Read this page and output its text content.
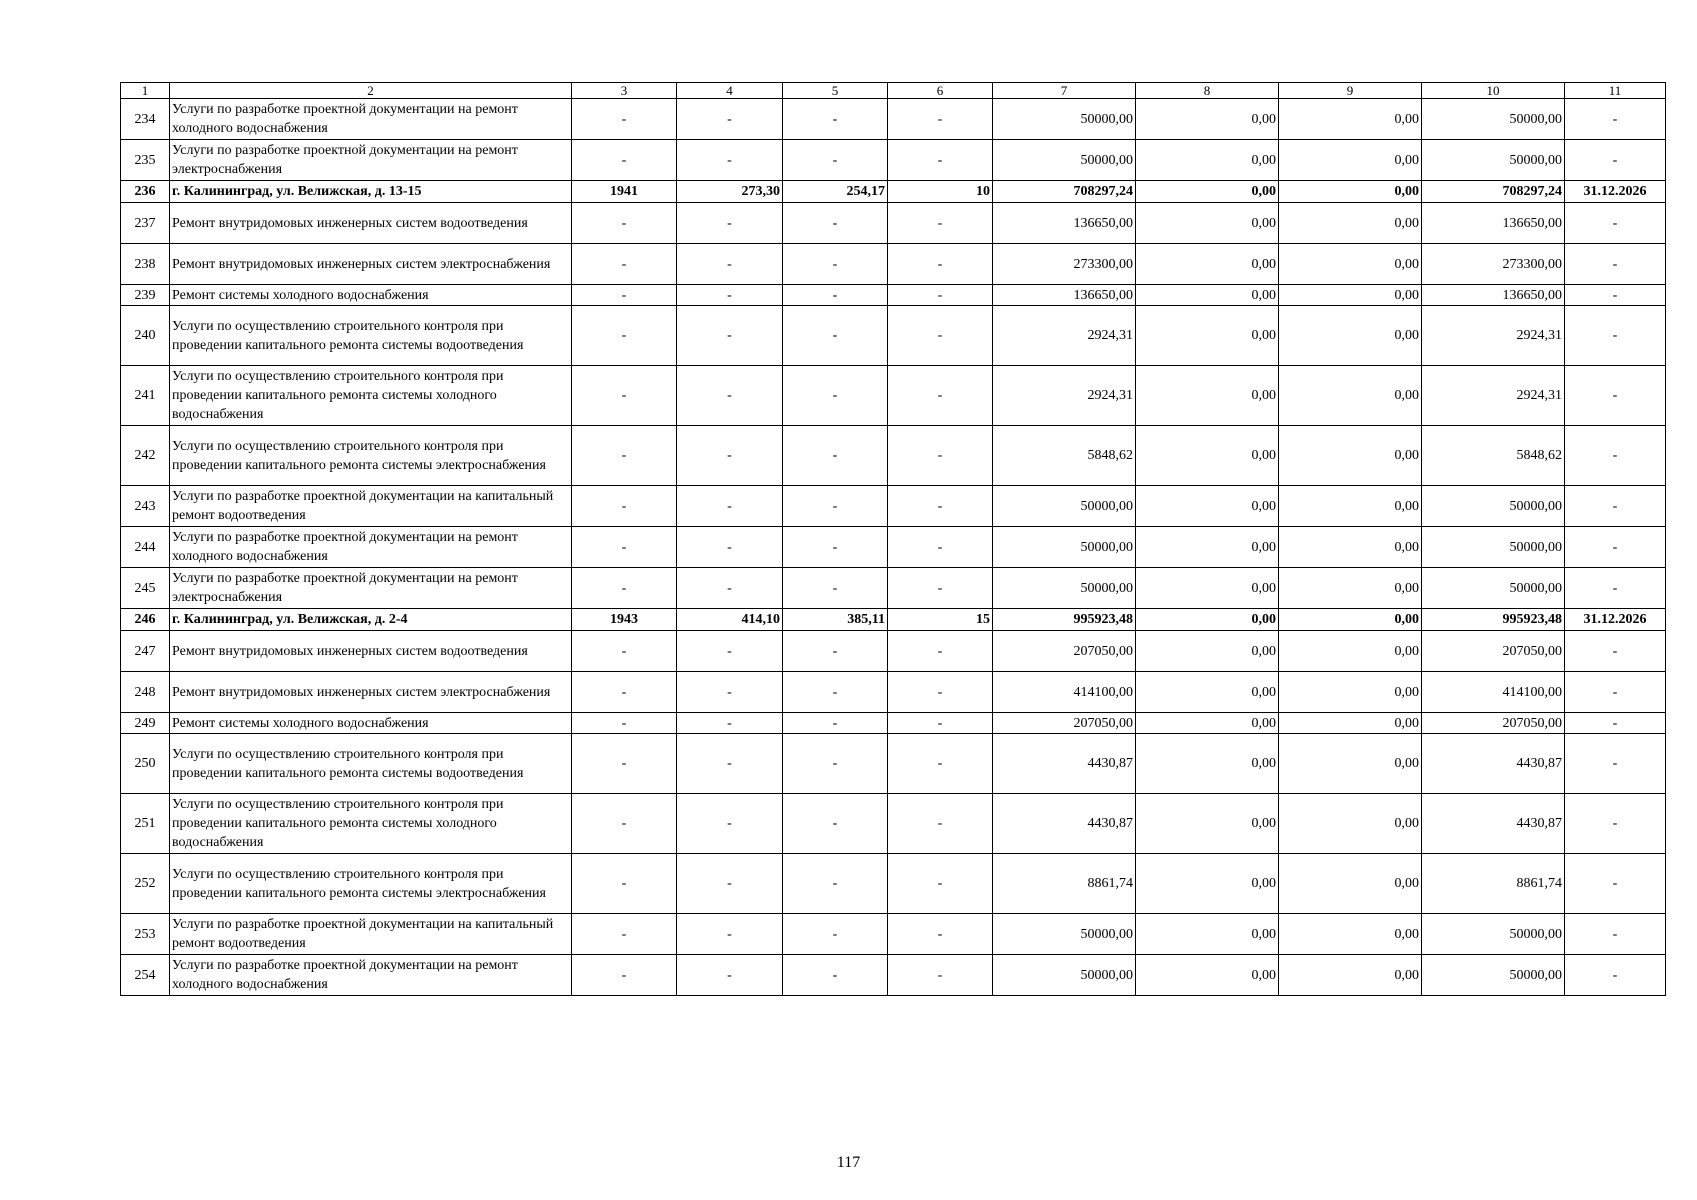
1	2	3	4	5	6	7	8	9	10	11
234	Услуги по разработке проектной документации на ремонт холодного водоснабжения	-	-	-	-	50000,00	0,00	0,00	50000,00	-
235	Услуги по разработке проектной документации на ремонт электроснабжения	-	-	-	-	50000,00	0,00	0,00	50000,00	-
236	г. Калининград, ул. Велижская, д. 13-15	1941	273,30	254,17	10	708297,24	0,00	0,00	708297,24	31.12.2026
237	Ремонт внутридомовых инженерных систем водоотведения	-	-	-	-	136650,00	0,00	0,00	136650,00	-
238	Ремонт внутридомовых инженерных систем электроснабжения	-	-	-	-	273300,00	0,00	0,00	273300,00	-
239	Ремонт системы холодного водоснабжения	-	-	-	-	136650,00	0,00	0,00	136650,00	-
240	Услуги по осуществлению строительного контроля при проведении капитального ремонта системы водоотведения	-	-	-	-	2924,31	0,00	0,00	2924,31	-
241	Услуги по осуществлению строительного контроля при проведении капитального ремонта системы холодного водоснабжения	-	-	-	-	2924,31	0,00	0,00	2924,31	-
242	Услуги по осуществлению строительного контроля при проведении капитального ремонта системы электроснабжения	-	-	-	-	5848,62	0,00	0,00	5848,62	-
243	Услуги по разработке проектной документации на капитальный ремонт водоотведения	-	-	-	-	50000,00	0,00	0,00	50000,00	-
244	Услуги по разработке проектной документации на ремонт холодного водоснабжения	-	-	-	-	50000,00	0,00	0,00	50000,00	-
245	Услуги по разработке проектной документации на ремонт электроснабжения	-	-	-	-	50000,00	0,00	0,00	50000,00	-
246	г. Калининград, ул. Велижская, д. 2-4	1943	414,10	385,11	15	995923,48	0,00	0,00	995923,48	31.12.2026
247	Ремонт внутридомовых инженерных систем водоотведения	-	-	-	-	207050,00	0,00	0,00	207050,00	-
248	Ремонт внутридомовых инженерных систем электроснабжения	-	-	-	-	414100,00	0,00	0,00	414100,00	-
249	Ремонт системы холодного водоснабжения	-	-	-	-	207050,00	0,00	0,00	207050,00	-
250	Услуги по осуществлению строительного контроля при проведении капитального ремонта системы водоотведения	-	-	-	-	4430,87	0,00	0,00	4430,87	-
251	Услуги по осуществлению строительного контроля при проведении капитального ремонта системы холодного водоснабжения	-	-	-	-	4430,87	0,00	0,00	4430,87	-
252	Услуги по осуществлению строительного контроля при проведении капитального ремонта системы электроснабжения	-	-	-	-	8861,74	0,00	0,00	8861,74	-
253	Услуги по разработке проектной документации на капитальный ремонт водоотведения	-	-	-	-	50000,00	0,00	0,00	50000,00	-
254	Услуги по разработке проектной документации на ремонт холодного водоснабжения	-	-	-	-	50000,00	0,00	0,00	50000,00	-
117
